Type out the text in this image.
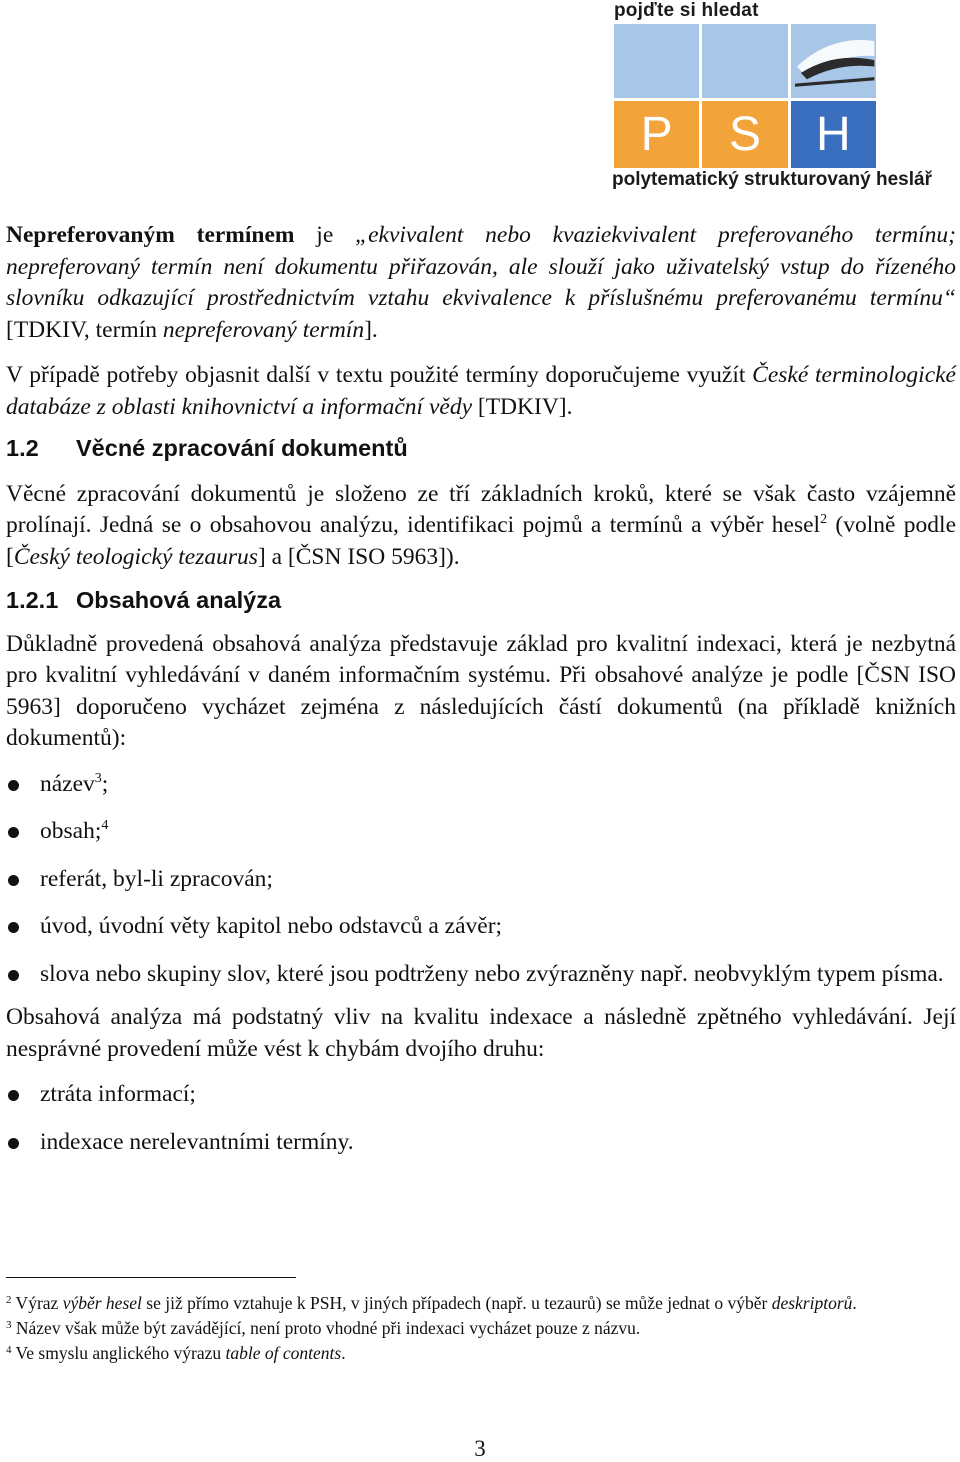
pojďte si hledat
P	S	H
polytematický strukturovaný heslář

Nepreferovaným termínem je „ekvivalent nebo kvaziekvivalent preferovaného termínu; nepreferovaný termín není dokumentu přiřazován, ale slouží jako uživatelský vstup do řízeného slovníku odkazující prostřednictvím vztahu ekvivalence k příslušnému preferovanému termínu“ [TDKIV, termín nepreferovaný termín].

V případě potřeby objasnit další v textu použité termíny doporučujeme využít České terminologické databáze z oblasti knihovnictví a informační vědy [TDKIV].

1.2 Věcné zpracování dokumentů

Věcné zpracování dokumentů je složeno ze tří základních kroků, které se však často vzájemně prolínají. Jedná se o obsahovou analýzu, identifikaci pojmů a termínů a výběr hesel$^2$ (volně podle [Český teologický tezaurus] a [ČSN ISO 5963]).

1.2.1 Obsahová analýza

Důkladně provedená obsahová analýza představuje základ pro kvalitní indexaci, která je nezbytná pro kvalitní vyhledávání v daném informačním systému. Při obsahové analýze je podle [ČSN ISO 5963] doporučeno vycházet zejména z následujících částí dokumentů (na příkladě knižních dokumentů):

název$^3$;
obsah;$^4$
referát, byl-li zpracován;
úvod, úvodní věty kapitol nebo odstavců a závěr;
slova nebo skupiny slov, které jsou podtrženy nebo zvýrazněny např. neobvyklým typem písma.

Obsahová analýza má podstatný vliv na kvalitu indexace a následně zpětného vyhledávání. Její nesprávné provedení může vést k chybám dvojího druhu:

ztráta informací;
indexace nerelevantními termíny.

$^2$ Výraz výběr hesel se již přímo vztahuje k PSH, v jiných případech (např. u tezaurů) se může jednat o výběr deskriptorů.

$^3$ Název však může být zavádějící, není proto vhodné při indexaci vycházet pouze z názvu.

$^4$ Ve smyslu anglického výrazu table of contents.

3
